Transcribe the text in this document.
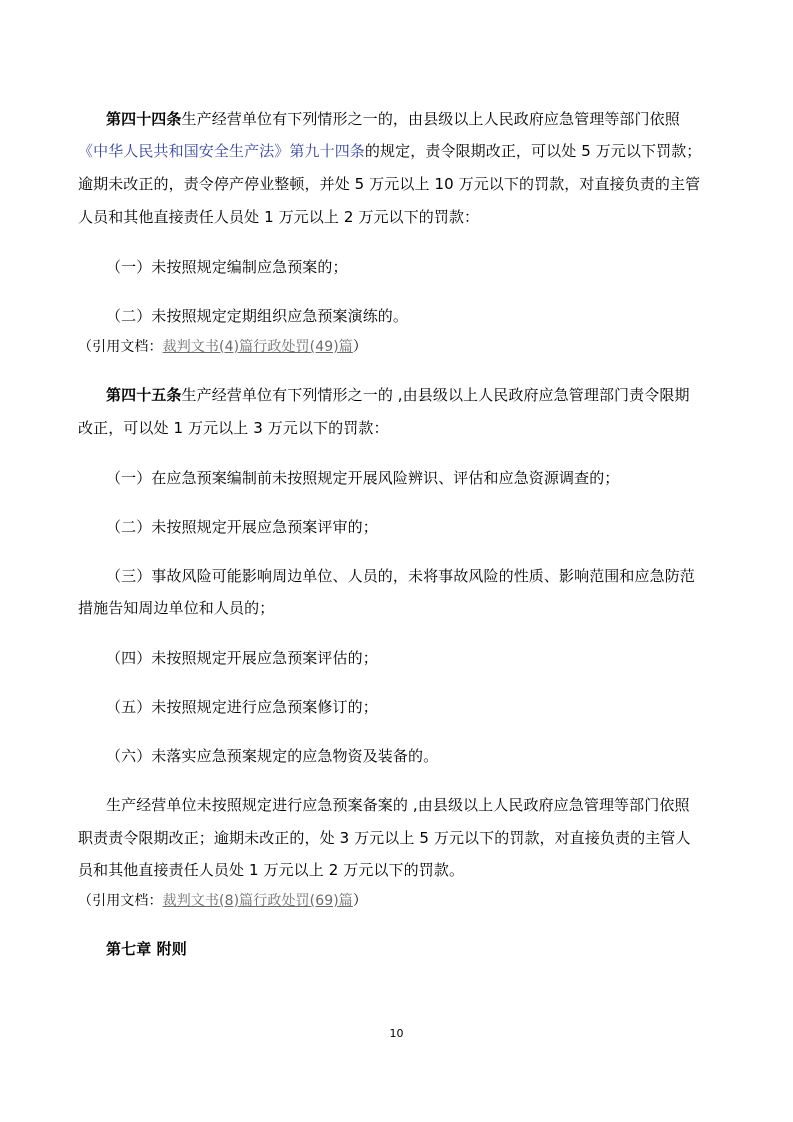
第四十四条生产经营单位有下列情形之一的，由县级以上人民政府应急管理等部门依照
《中华人民共和国安全生产法》第九十四条的规定，责令限期改正，可以处 5 万元以下罚款；
逾期未改正的，责令停产停业整顿，并处 5 万元以上 10 万元以下的罚款，对直接负责的主管
人员和其他直接责任人员处 1 万元以上 2 万元以下的罚款：
（一）未按照规定编制应急预案的；
（二）未按照规定定期组织应急预案演练的。
（引用文档：裁判文书(4)篇行政处罚(49)篇）
第四十五条生产经营单位有下列情形之一的 ,由县级以上人民政府应急管理部门责令限期
改正，可以处 1 万元以上 3 万元以下的罚款：
（一）在应急预案编制前未按照规定开展风险辨识、评估和应急资源调查的；
（二）未按照规定开展应急预案评审的；
（三）事故风险可能影响周边单位、人员的，未将事故风险的性质、影响范围和应急防范
措施告知周边单位和人员的；
（四）未按照规定开展应急预案评估的；
（五）未按照规定进行应急预案修订的；
（六）未落实应急预案规定的应急物资及装备的。
生产经营单位未按照规定进行应急预案备案的 ,由县级以上人民政府应急管理等部门依照
职责责令限期改正；逾期未改正的，处 3 万元以上 5 万元以下的罚款，对直接负责的主管人
员和其他直接责任人员处 1 万元以上 2 万元以下的罚款。
（引用文档：裁判文书(8)篇行政处罚(69)篇）
第七章 附则
10
